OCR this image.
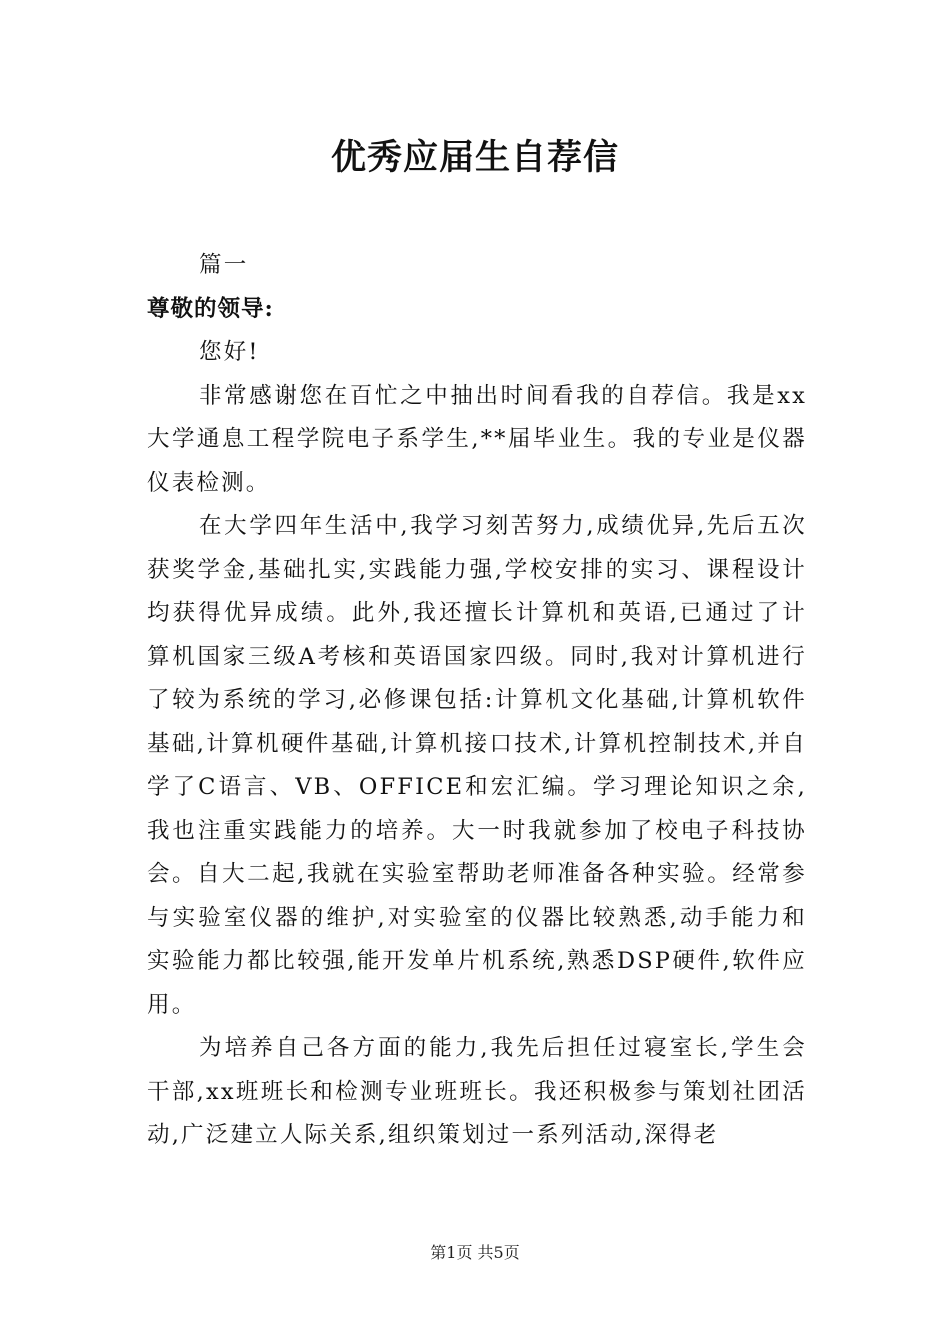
优秀应届生自荐信

篇一

尊敬的领导:

您好!

非常感谢您在百忙之中抽出时间看我的自荐信。我是xx大学通息工程学院电子系学生,**届毕业生。我的专业是仪器仪表检测。

在大学四年生活中,我学习刻苦努力,成绩优异,先后五次获奖学金,基础扎实,实践能力强,学校安排的实习、课程设计均获得优异成绩。此外,我还擅长计算机和英语,已通过了计算机国家三级A考核和英语国家四级。同时,我对计算机进行了较为系统的学习,必修课包括:计算机文化基础,计算机软件基础,计算机硬件基础,计算机接口技术,计算机控制技术,并自学了C语言、VB、OFFICE和宏汇编。学习理论知识之余,我也注重实践能力的培养。大一时我就参加了校电子科技协会。自大二起,我就在实验室帮助老师准备各种实验。经常参与实验室仪器的维护,对实验室的仪器比较熟悉,动手能力和实验能力都比较强,能开发单片机系统,熟悉DSP硬件,软件应用。

为培养自己各方面的能力,我先后担任过寝室长,学生会干部,xx班班长和检测专业班班长。我还积极参与策划社团活动,广泛建立人际关系,组织策划过一系列活动,深得老

第1页 共5页
